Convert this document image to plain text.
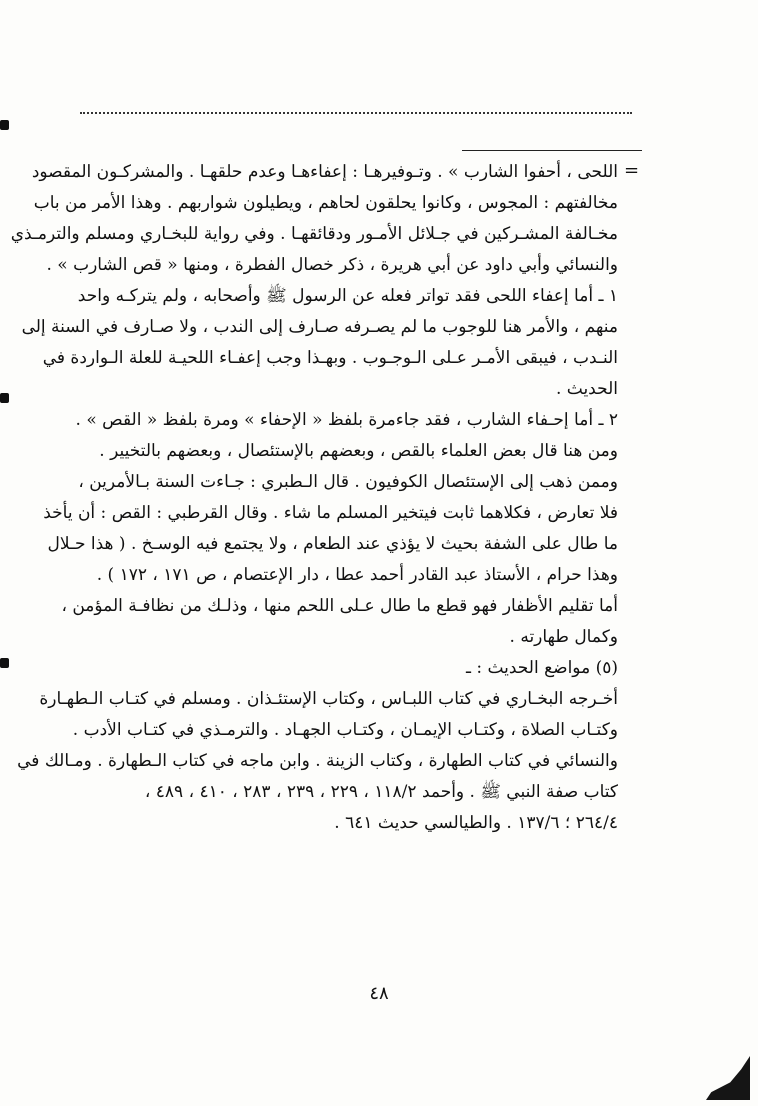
=
اللحى ، أحفوا الشارب » . وتـوفيرهـا : إعفاءهـا وعدم حلقهـا . والمشركـون المقصود
مخالفتهم : المجوس ، وكانوا يحلقون لحاهم ، ويطيلون شواربهم . وهذا الأمر من باب
مخـالفة المشـركين في جـلائل الأمـور ودقائقهـا . وفي رواية للبخـاري ومسلم والترمـذي
والنسائي وأبي داود عن أبي هريرة ، ذكر خصال الفطرة ، ومنها « قص الشارب » .
١ ـ أما إعفاء اللحى فقد تواتر فعله عن الرسول ﷺ وأصحابه ، ولم يتركـه واحد
منهم ، والأمر هنا للوجوب ما لم يصـرفه صـارف إلى الندب ، ولا صـارف في السنة إلى
النـدب ، فيبقى الأمـر عـلى الـوجـوب . وبهـذا وجب إعفـاء اللحيـة للعلة الـواردة في
الحديث .
٢ ـ أما إحـفاء الشارب ، فقد جاءمرة بلفظ « الإحفاء » ومرة بلفظ « القص » .
ومن هنا قال بعض العلماء بالقص ، وبعضهم بالإستئصال ، وبعضهم بالتخيير .
وممن ذهب إلى الإستئصال الكوفيون . قال الـطبري : جـاءت السنة بـالأمرين ،
فلا تعارض ، فكلاهما ثابت فيتخير المسلم ما شاء . وقال القرطبي : القص : أن يأخذ
ما طال على الشفة بحيث لا يؤذي عند الطعام ، ولا يجتمع فيه الوسـخ . ( هذا حـلال
وهذا حرام ، الأستاذ عبد القادر أحمد عطا ، دار الإعتصام ، ص ١٧١ ، ١٧٢ ) .
أما تقليم الأظفار فهو قطع ما طال عـلى اللحم منها ، وذلـك من نظافـة المؤمن ،
وكمال طهارته .
(٥) مواضع الحديث : ـ
أخـرجه البخـاري في كتاب اللبـاس ، وكتاب الإستئـذان . ومسلم في كتـاب الـطهـارة
وكتـاب الصلاة ، وكتـاب الإيمـان ، وكتـاب الجهـاد . والترمـذي في كتـاب الأدب .
والنسائي في كتاب الطهارة ، وكتاب الزينة . وابن ماجه في كتاب الـطهارة . ومـالك في
كتاب صفة النبي ﷺ . وأحمد ١١٨/٢ ، ٢٢٩ ، ٢٣٩ ، ٢٨٣ ، ٤١٠ ، ٤٨٩ ،
٢٦٤/٤ ؛ ١٣٧/٦ . والطيالسي حديث ٦٤١ .
٤٨
